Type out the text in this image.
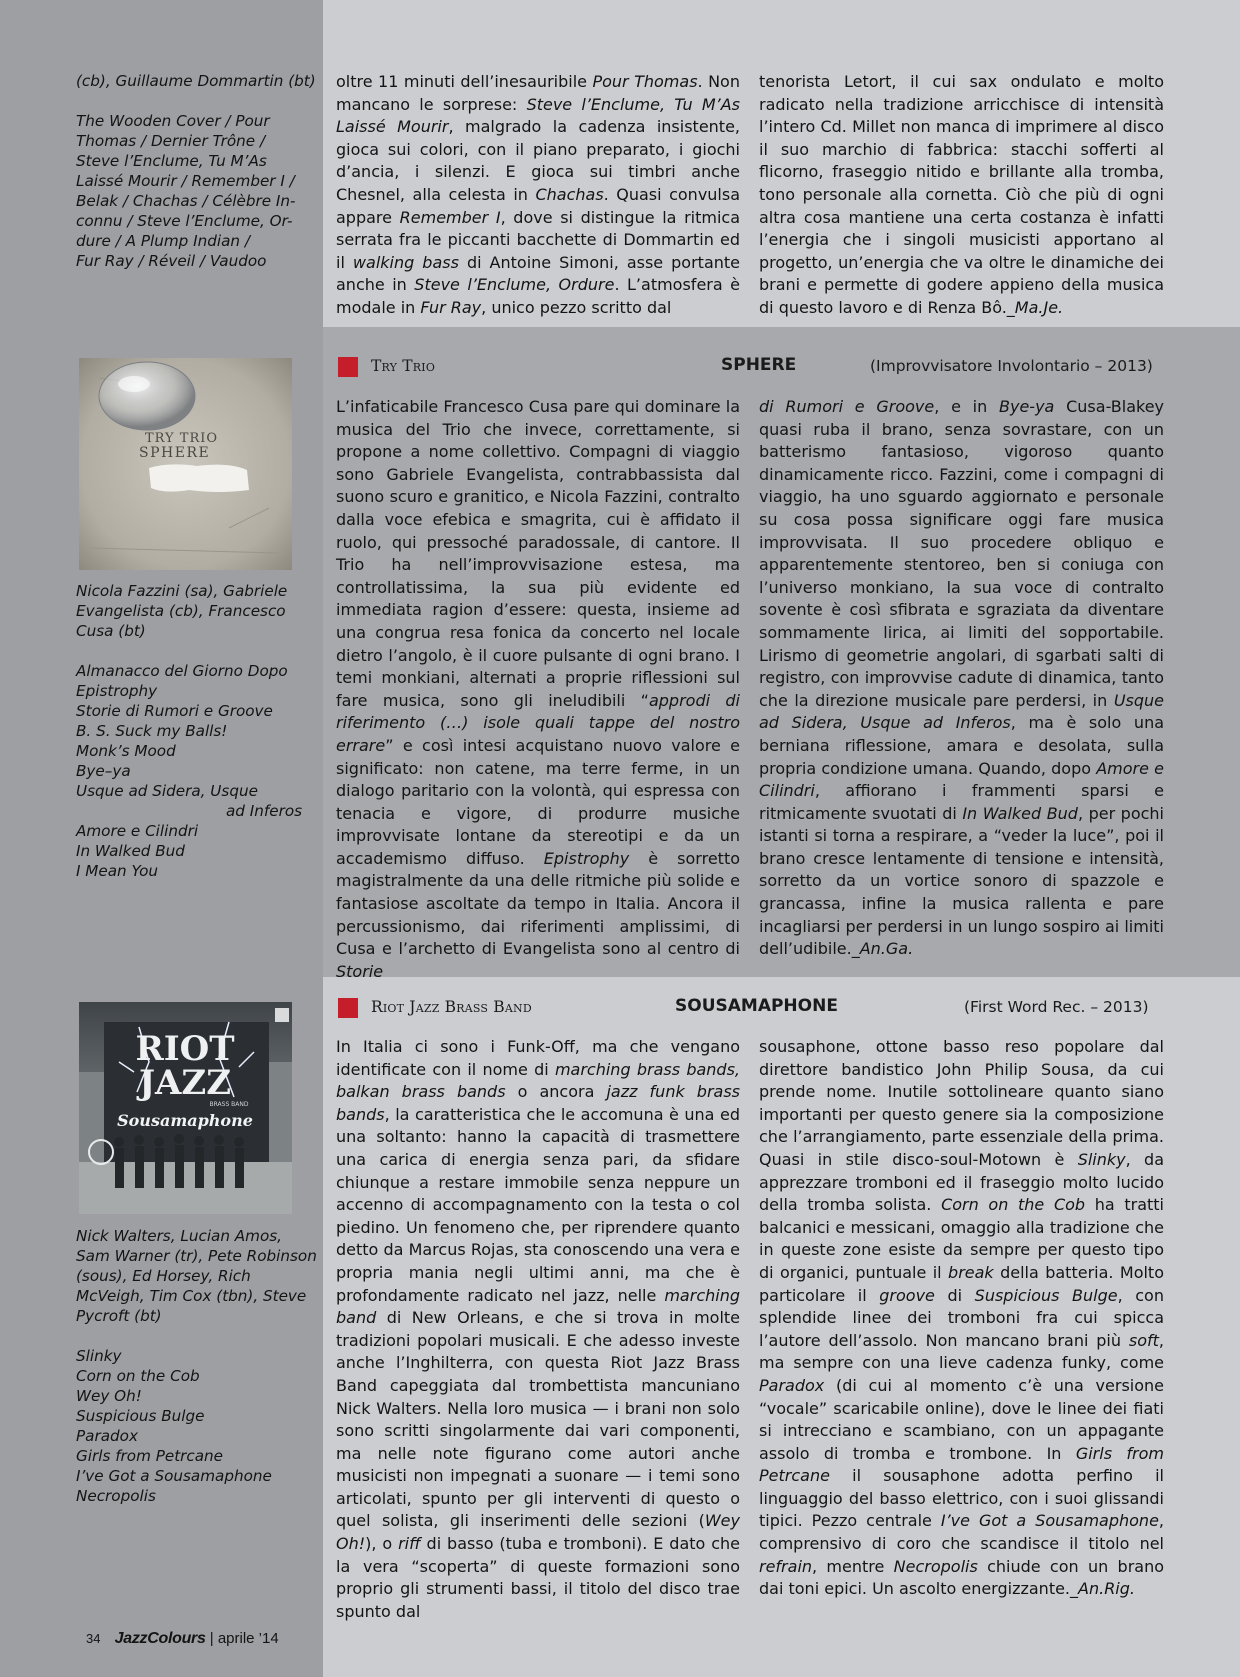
(cb), Guillaume Dommartin (bt)

The Wooden Cover / Pour

Thomas / Dernier Trône /

Steve l’Enclume, Tu M’As

Laissé Mourir / Remember I /

Belak / Chachas / Célèbre In-

connu / Steve l’Enclume, Or-

dure / A Plump Indian /

Fur Ray / Réveil / Vaudoo

oltre 11 minuti dell’inesauribile Pour Thomas. Non mancano le sorprese: Steve l’Enclume, Tu M’As Laissé Mourir, malgrado la cadenza insistente, gioca sui colori, con il piano preparato, i giochi d’ancia, i silenzi. E gioca sui timbri anche Chesnel, alla celesta in Chachas. Quasi convulsa appare Remember I, dove si distingue la ritmica serrata fra le piccanti bacchette di Dommartin ed il walking bass di Antoine Simoni, asse portante anche in Steve l’Enclume, Ordure. L’atmosfera è modale in Fur Ray, unico pezzo scritto dal

tenorista Letort, il cui sax ondulato e molto radicato nella tradizione arricchisce di intensità l’intero Cd. Millet non manca di imprimere al disco il suo marchio di fabbrica: stacchi sofferti al flicorno, fraseggio nitido e brillante alla tromba, tono personale alla cornetta. Ciò che più di ogni altra cosa mantiene una certa costanza è infatti l’energia che i singoli musicisti apportano al progetto, un’energia che va oltre le dinamiche dei brani e permette di godere appieno della musica di questo lavoro e di Renza Bô._Ma.Je.

Try Trio	SPHERE	(Improvvisatore Involontario – 2013)
TRY TRIO
SPHERE

Nicola Fazzini (sa), Gabriele

Evangelista (cb), Francesco

Cusa (bt)

Almanacco del Giorno Dopo

Epistrophy

Storie di Rumori e Groove

B. S. Suck my Balls!

Monk’s Mood

Bye–ya

Usque ad Sidera, Usque

ad Inferos

Amore e Cilindri

In Walked Bud

I Mean You

L’infaticabile Francesco Cusa pare qui dominare la musica del Trio che invece, correttamente, si propone a nome collettivo. Compagni di viaggio sono Gabriele Evangelista, contrabbassista dal suono scuro e granitico, e Nicola Fazzini, contralto dalla voce efebica e smagrita, cui è affidato il ruolo, qui pressoché paradossale, di cantore. Il Trio ha nell’improvvisazione estesa, ma controllatissima, la sua più evidente ed immediata ragion d’essere: questa, insieme ad una congrua resa fonica da concerto nel locale dietro l’angolo, è il cuore pulsante di ogni brano. I temi monkiani, alternati a proprie riflessioni sul fare musica, sono gli ineludibili “approdi di riferimento (…) isole quali tappe del nostro errare” e così intesi acquistano nuovo valore e significato: non catene, ma terre ferme, in un dialogo paritario con la volontà, qui espressa con tenacia e vigore, di produrre musiche improvvisate lontane da stereotipi e da un accademismo diffuso. Epistrophy è sorretto magistralmente da una delle ritmiche più solide e fantasiose ascoltate da tempo in Italia. Ancora il percussionismo, dai riferimenti amplissimi, di Cusa e l’archetto di Evangelista sono al centro di Storie

di Rumori e Groove, e in Bye-ya Cusa-Blakey quasi ruba il brano, senza sovrastare, con un batterismo fantasioso, vigoroso quanto dinamicamente ricco. Fazzini, come i compagni di viaggio, ha uno sguardo aggiornato e personale su cosa possa significare oggi fare musica improvvisata. Il suo procedere obliquo e apparentemente stentoreo, ben si coniuga con l’universo monkiano, la sua voce di contralto sovente è così sfibrata e sgraziata da diventare sommamente lirica, ai limiti del sopportabile. Lirismo di geometrie angolari, di sgarbati salti di registro, con improvvise cadute di dinamica, tanto che la direzione musicale pare perdersi, in Usque ad Sidera, Usque ad Inferos, ma è solo una berniana riflessione, amara e desolata, sulla propria condizione umana. Quando, dopo Amore e Cilindri, affiorano i frammenti sparsi e ritmicamente svuotati di In Walked Bud, per pochi istanti si torna a respirare, a “veder la luce”, poi il brano cresce lentamente di tensione e intensità, sorretto da un vortice sonoro di spazzole e grancassa, infine la musica rallenta e pare incagliarsi per perdersi in un lungo sospiro ai limiti dell’udibile._An.Ga.

Riot Jazz Brass Band	SOUSAMAPHONE	(First Word Rec. – 2013)
RIOT
JAZZ
BRASS BAND
Sousamaphone

Nick Walters, Lucian Amos,

Sam Warner (tr), Pete Robinson

(sous), Ed Horsey, Rich

McVeigh, Tim Cox (tbn), Steve

Pycroft (bt)

Slinky

Corn on the Cob

Wey Oh!

Suspicious Bulge

Paradox

Girls from Petrcane

I’ve Got a Sousamaphone

Necropolis

In Italia ci sono i Funk-Off, ma che vengano identificate con il nome di marching brass bands, balkan brass bands o ancora jazz funk brass bands, la caratteristica che le accomuna è una ed una soltanto: hanno la capacità di trasmettere una carica di energia senza pari, da sfidare chiunque a restare immobile senza neppure un accenno di accompagnamento con la testa o col piedino. Un fenomeno che, per riprendere quanto detto da Marcus Rojas, sta conoscendo una vera e propria mania negli ultimi anni, ma che è profondamente radicato nel jazz, nelle marching band di New Orleans, e che si trova in molte tradizioni popolari musicali. E che adesso investe anche l’Inghilterra, con questa Riot Jazz Brass Band capeggiata dal trombettista mancuniano Nick Walters. Nella loro musica — i brani non solo sono scritti singolarmente dai vari componenti, ma nelle note figurano come autori anche musicisti non impegnati a suonare — i temi sono articolati, spunto per gli interventi di questo o quel solista, gli inserimenti delle sezioni (Wey Oh!), o riff di basso (tuba e tromboni). E dato che la vera “scoperta” di queste formazioni sono proprio gli strumenti bassi, il titolo del disco trae spunto dal

sousaphone, ottone basso reso popolare dal direttore bandistico John Philip Sousa, da cui prende nome. Inutile sottolineare quanto siano importanti per questo genere sia la composizione che l’arrangiamento, parte essenziale della prima. Quasi in stile disco-soul-Motown è Slinky, da apprezzare tromboni ed il fraseggio molto lucido della tromba solista. Corn on the Cob ha tratti balcanici e messicani, omaggio alla tradizione che in queste zone esiste da sempre per questo tipo di organici, puntuale il break della batteria. Molto particolare il groove di Suspicious Bulge, con splendide linee dei tromboni fra cui spicca l’autore dell’assolo. Non mancano brani più soft, ma sempre con una lieve cadenza funky, come Paradox (di cui al momento c’è una versione “vocale” scaricabile online), dove le linee dei fiati si intrecciano e scambiano, con un appagante assolo di tromba e trombone. In Girls from Petrcane il sousaphone adotta perfino il linguaggio del basso elettrico, con i suoi glissandi tipici. Pezzo centrale I’ve Got a Sousamaphone, comprensivo di coro che scandisce il titolo nel refrain, mentre Necropolis chiude con un brano dai toni epici. Un ascolto energizzante._An.Rig.

34 JazzColours | aprile ’14
